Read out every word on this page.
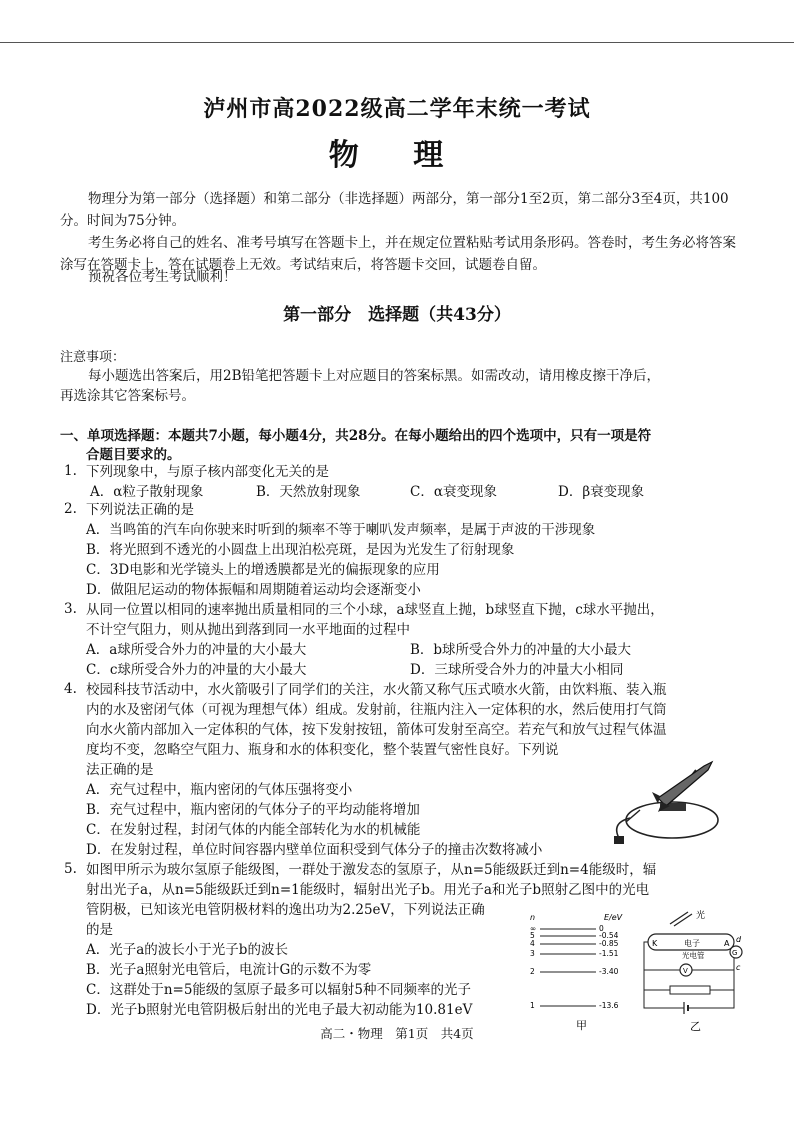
泸州市高2022级高二学年末统一考试
物 理
物理分为第一部分（选择题）和第二部分（非选择题）两部分，第一部分1至2页，第二部分3至4页，共100分。时间为75分钟。
考生务必将自己的姓名、准考号填写在答题卡上，并在规定位置粘贴考试用条形码。答卷时，考生务必将答案涂写在答题卡上，答在试题卷上无效。考试结束后，将答题卡交回，试题卷自留。
预祝各位考生考试顺利！
第一部分　选择题（共43分）
注意事项：
每小题选出答案后，用2B铅笔把答题卡上对应题目的答案标黑。如需改动，请用橡皮擦干净后，
再选涂其它答案标号。
一、单项选择题：本题共7小题，每小题4分，共28分。在每小题给出的四个选项中，只有一项是符
合题目要求的。
1. 下列现象中，与原子核内部变化无关的是
A．α粒子散射现象	B．天然放射现象	C．α衰变现象	D．β衰变现象
2. 下列说法正确的是
A．当鸣笛的汽车向你驶来时听到的频率不等于喇叭发声频率，是属于声波的干涉现象
B．将光照到不透光的小圆盘上出现泊松亮斑，是因为光发生了衍射现象
C．3D电影和光学镜头上的增透膜都是光的偏振现象的应用
D．做阻尼运动的物体振幅和周期随着运动均会逐渐变小
3. 从同一位置以相同的速率抛出质量相同的三个小球，a球竖直上抛，b球竖直下抛，c球水平抛出，
不计空气阻力，则从抛出到落到同一水平地面的过程中
A．a球所受合外力的冲量的大小最大	B．b球所受合外力的冲量的大小最大
C．c球所受合外力的冲量的大小最大	D．三球所受合外力的冲量大小相同
4. 校园科技节活动中，水火箭吸引了同学们的关注，水火箭又称气压式喷水火箭，由饮料瓶、装入瓶
内的水及密闭气体（可视为理想气体）组成。发射前，往瓶内注入一定体积的水，然后使用打气筒
向水火箭内部加入一定体积的气体，按下发射按钮，箭体可发射至高空。若充气和放气过程气体温
度均不变，忽略空气阻力、瓶身和水的体积变化，整个装置气密性良好。下列说
法正确的是
A．充气过程中，瓶内密闭的气体压强将变小
B．充气过程中，瓶内密闭的气体分子的平均动能将增加
C．在发射过程，封闭气体的内能全部转化为水的机械能
D．在发射过程，单位时间容器内壁单位面积受到气体分子的撞击次数将减小
5. 如图甲所示为玻尔氢原子能级图，一群处于激发态的氢原子，从n=5能级跃迁到n=4能级时，辐
射出光子a，从n=5能级跃迁到n=1能级时，辐射出光子b。用光子a和光子b照射乙图中的光电
管阴极，已知该光电管阴极材料的逸出功为2.25eV，下列说法正确
的是
A．光子a的波长小于光子b的波长
B．光子a照射光电管后，电流计G的示数不为零
C．这群处于n=5能级的氢原子最多可以辐射5种不同频率的光子
D．光子b照射光电管阴极后射出的光电子最大初动能为10.81eV
n	E/eV
∞	0
5	-0.54
4	-0.85
3	-1.51
2	-3.40
1	-13.6
甲
光
K	电子	A
光电管
d
G
V	c
乙
高二・物理　第1页　共4页
